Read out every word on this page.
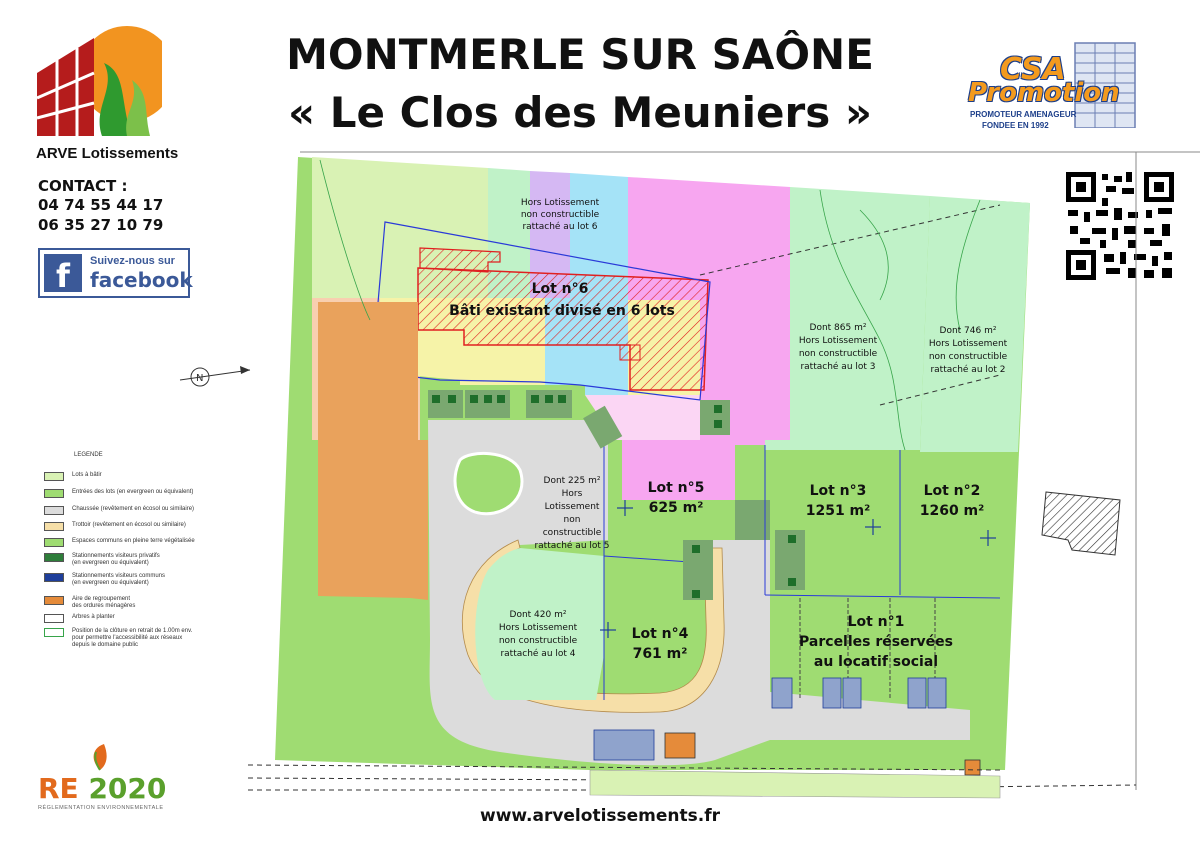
MONTMERLE SUR SAÔNE
« Le Clos des Meuniers »
ARVE Lotissements
CONTACT :
04 74 55 44 17
06 35 27 10 79
f	Suivez-nous sur
facebook
CSA
Promotion
PROMOTEUR AMENAGEUR
FONDEE EN 1992
N
Hors Lotissement
non constructible
rattaché au lot 6
Dont 865 m²
Hors Lotissement
non constructible
rattaché au lot 3
Dont 746 m²
Hors Lotissement
non constructible
rattaché au lot 2
Dont 225 m²
Hors
Lotissement
non
constructible
rattaché au lot 5
Dont 420 m²
Hors Lotissement
non constructible
rattaché au lot 4
Lot n°6
Bâti existant divisé en 6 lots
Lot n°5
625 m²
Lot n°4
761 m²
Lot n°3
1251 m²
Lot n°2
1260 m²
Lot n°1
Parcelles réservées
au locatif social
LEGENDE
Lots à bâtir
Entrées des lots (en evergreen ou équivalent)
Chaussée (revêtement en écosol ou similaire)
Trottoir (revêtement en écosol ou similaire)
Espaces communs en pleine terre végétalisée
Stationnements visiteurs privatifs
(en evergreen ou équivalent)
Stationnements visiteurs communs
(en evergreen ou équivalent)
Aire de regroupement
des ordures ménagères
Arbres à planter
Position de la clôture en retrait de 1.00m env.
pour permettre l'accessibilité aux réseaux
depuis le domaine public
www.arvelotissements.fr
RE 2020
RÉGLEMENTATION ENVIRONNEMENTALE
